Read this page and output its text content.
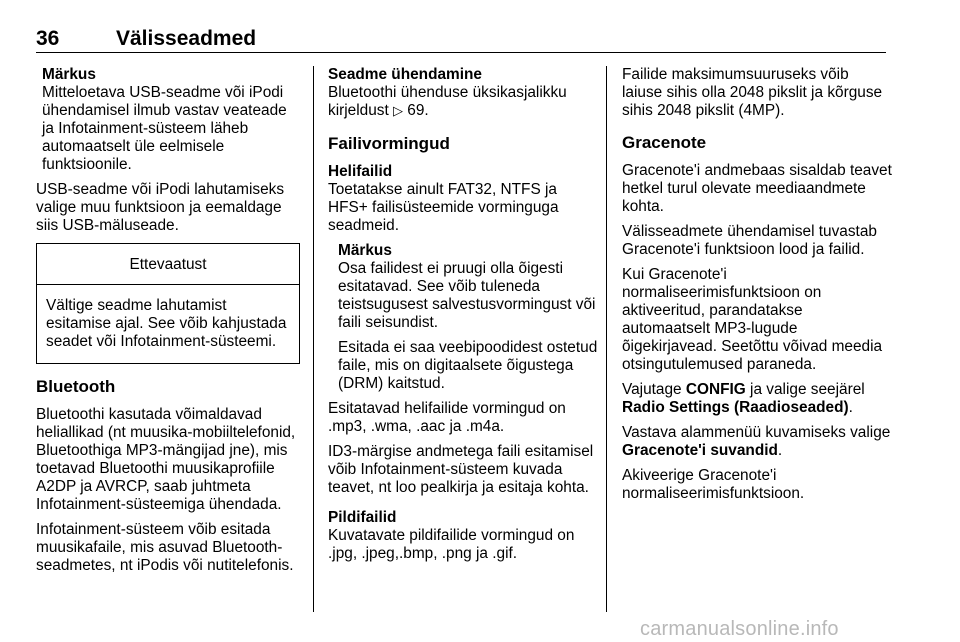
36	Välisseadmed
Märkus
Mitteloetava USB-seadme või iPodi ühendamisel ilmub vastav veateade ja Infotainment-süsteem läheb automaatselt üle eelmisele funktsioonile.

USB-seadme või iPodi lahutamiseks valige muu funktsioon ja eemaldage siis USB-mäluseade.

Ettevaatust
Vältige seadme lahutamist esitamise ajal. See võib kahjustada seadet või Infotainment-süsteemi.
Bluetooth

Bluetoothi kasutada võimaldavad heliallikad (nt muusika-mobiiltelefonid, Bluetoothiga MP3-mängijad jne), mis toetavad Bluetoothi muusikaprofiile A2DP ja AVRCP, saab juhtmeta Infotainment-süsteemiga ühendada.

Infotainment-süsteem võib esitada muusikafaile, mis asuvad Bluetooth-seadmetes, nt iPodis või nutitelefonis.

Seadme ühendamine

Bluetoothi ühenduse üksikasjalikku kirjeldust ▷ 69.

Failivormingud
Helifailid

Toetatakse ainult FAT32, NTFS ja HFS+ failisüsteemide vorminguga seadmeid.

Märkus

Osa failidest ei pruugi olla õigesti esitatavad. See võib tuleneda teistsugusest salvestusvormingust või faili seisundist.

Esitada ei saa veebipoodidest ostetud faile, mis on digitaalsete õigustega (DRM) kaitstud.

Esitatavad helifailide vormingud on .mp3, .wma, .aac ja .m4a.

ID3-märgise andmetega faili esitamisel võib Infotainment-süsteem kuvada teavet, nt loo pealkirja ja esitaja kohta.

Pildifailid

Kuvatavate pildifailide vormingud on .jpg, .jpeg,.bmp, .png ja .gif.

Failide maksimumsuuruseks võib laiuse sihis olla 2048 pikslit ja kõrguse sihis 2048 pikslit (4MP).

Gracenote

Gracenote'i andmebaas sisaldab teavet hetkel turul olevate meediaandmete kohta.

Välisseadmete ühendamisel tuvastab Gracenote'i funktsioon lood ja failid.

Kui Gracenote'i normaliseerimisfunktsioon on aktiveeritud, parandatakse automaatselt MP3-lugude õigekirjavead. Seetõttu võivad meedia otsingutulemused paraneda.

Vajutage CONFIG ja valige seejärel Radio Settings (Raadioseaded).

Vastava alammenüü kuvamiseks valige Gracenote'i suvandid.

Akiveerige Gracenote'i normaliseerimisfunktsioon.

carmanualsonline.info
